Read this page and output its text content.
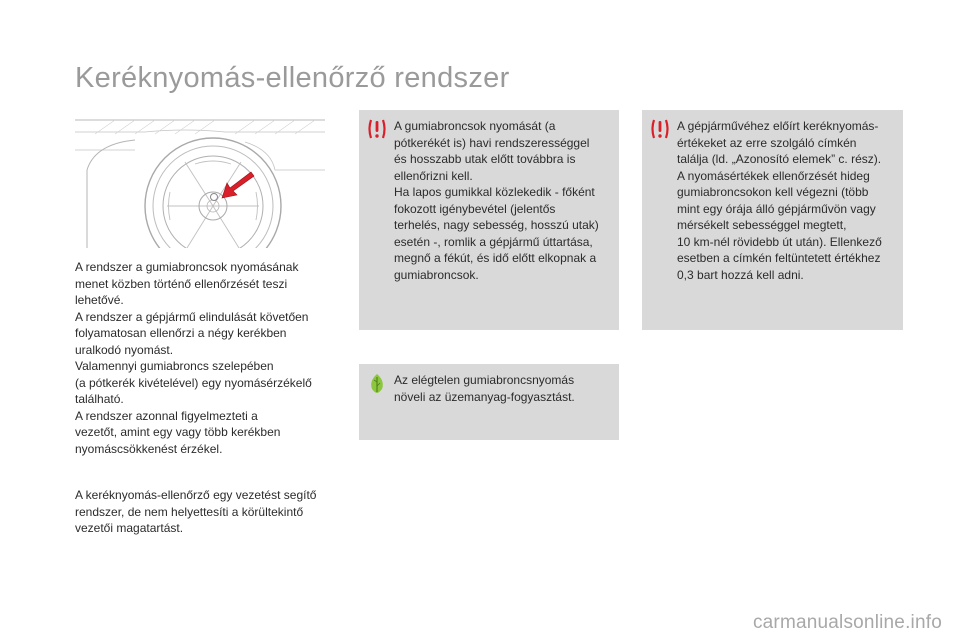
Keréknyomás-ellenőrző rendszer
A rendszer a gumiabroncsok nyomásának
menet közben történő ellenőrzését teszi
lehetővé.
A rendszer a gépjármű elindulását követően
folyamatosan ellenőrzi a négy kerékben
uralkodó nyomást.
Valamennyi gumiabroncs szelepében
(a pótkerék kivételével) egy nyomásérzékelő
található.
A rendszer azonnal figyelmezteti a
vezetőt, amint egy vagy több kerékben
nyomáscsökkenést érzékel.
A keréknyomás-ellenőrző egy vezetést segítő
rendszer, de nem helyettesíti a körültekintő
vezetői magatartást.
A gumiabroncsok nyomását (a
pótkerékét is) havi rendszerességgel
és hosszabb utak előtt továbbra is
ellenőrizni kell.
Ha lapos gumikkal közlekedik - főként
fokozott igénybevétel (jelentős
terhelés, nagy sebesség, hosszú utak)
esetén -, romlik a gépjármű úttartása,
megnő a fékút, és idő előtt elkopnak a
gumiabroncsok.
A gépjárművéhez előírt keréknyomás-
értékeket az erre szolgáló címkén
találja (ld. „Azonosító elemek” c. rész).
A nyomásértékek ellenőrzését hideg
gumiabroncsokon kell végezni (több
mint egy órája álló gépjárművön vagy
mérsékelt sebességgel megtett,
10 km-nél rövidebb út után). Ellenkező
esetben a címkén feltüntetett értékhez
0,3 bart hozzá kell adni.
Az elégtelen gumiabroncsnyomás
növeli az üzemanyag-fogyasztást.
carmanualsonline.info
